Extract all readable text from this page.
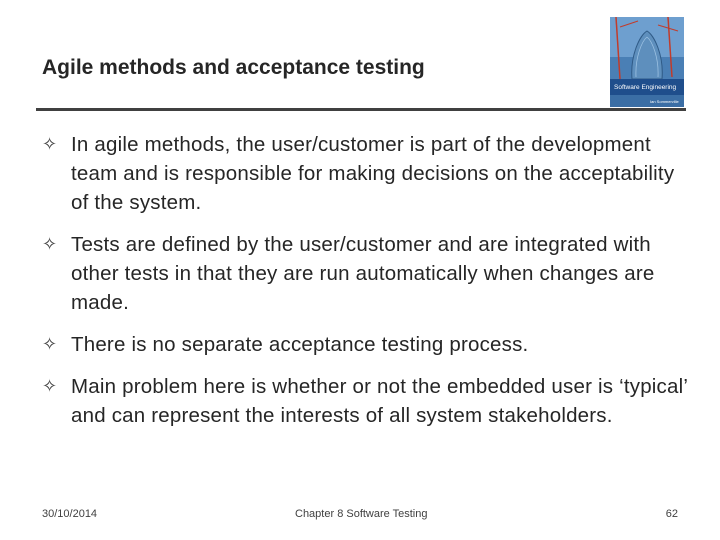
Agile methods and acceptance testing
Software Engineering
Ian Sommerville
✧ In agile methods, the user/customer is part of the development team and is responsible for making decisions on the acceptability of the system.
✧ Tests are defined by the user/customer and are integrated with other tests in that they are run automatically when changes are made.
✧ There is no separate acceptance testing process.
✧ Main problem here is whether or not the embedded user is ‘typical’ and can represent the interests of all system stakeholders.
30/10/2014	Chapter 8 Software Testing	62
